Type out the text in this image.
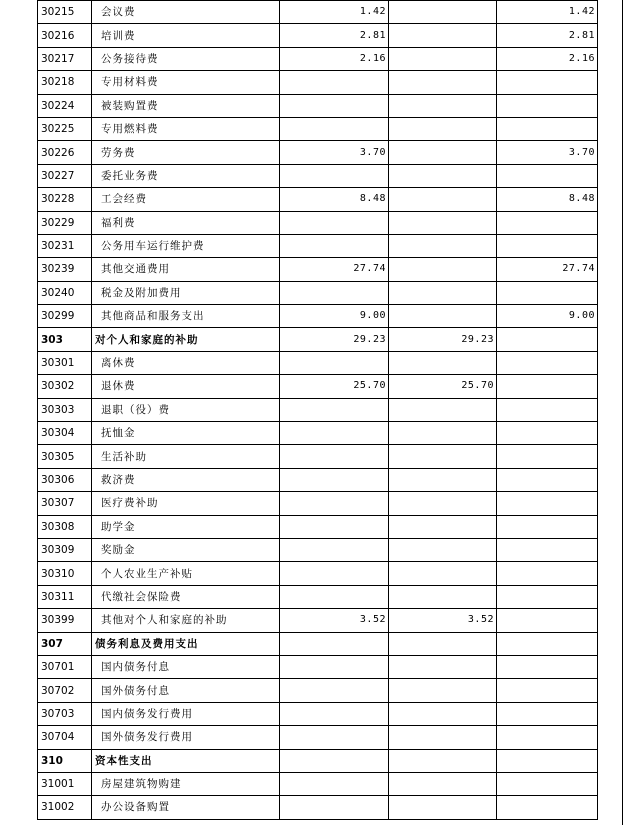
30215	会议费	1.42		1.42
30216	培训费	2.81		2.81
30217	公务接待费	2.16		2.16
30218	专用材料费			
30224	被装购置费			
30225	专用燃料费			
30226	劳务费	3.70		3.70
30227	委托业务费			
30228	工会经费	8.48		8.48
30229	福利费			
30231	公务用车运行维护费			
30239	其他交通费用	27.74		27.74
30240	税金及附加费用			
30299	其他商品和服务支出	9.00		9.00
303	对个人和家庭的补助	29.23	29.23	
30301	离休费			
30302	退休费	25.70	25.70	
30303	退职（役）费			
30304	抚恤金			
30305	生活补助			
30306	救济费			
30307	医疗费补助			
30308	助学金			
30309	奖励金			
30310	个人农业生产补贴			
30311	代缴社会保险费			
30399	其他对个人和家庭的补助	3.52	3.52	
307	债务利息及费用支出			
30701	国内债务付息			
30702	国外债务付息			
30703	国内债务发行费用			
30704	国外债务发行费用			
310	资本性支出			
31001	房屋建筑物购建			
31002	办公设备购置			
